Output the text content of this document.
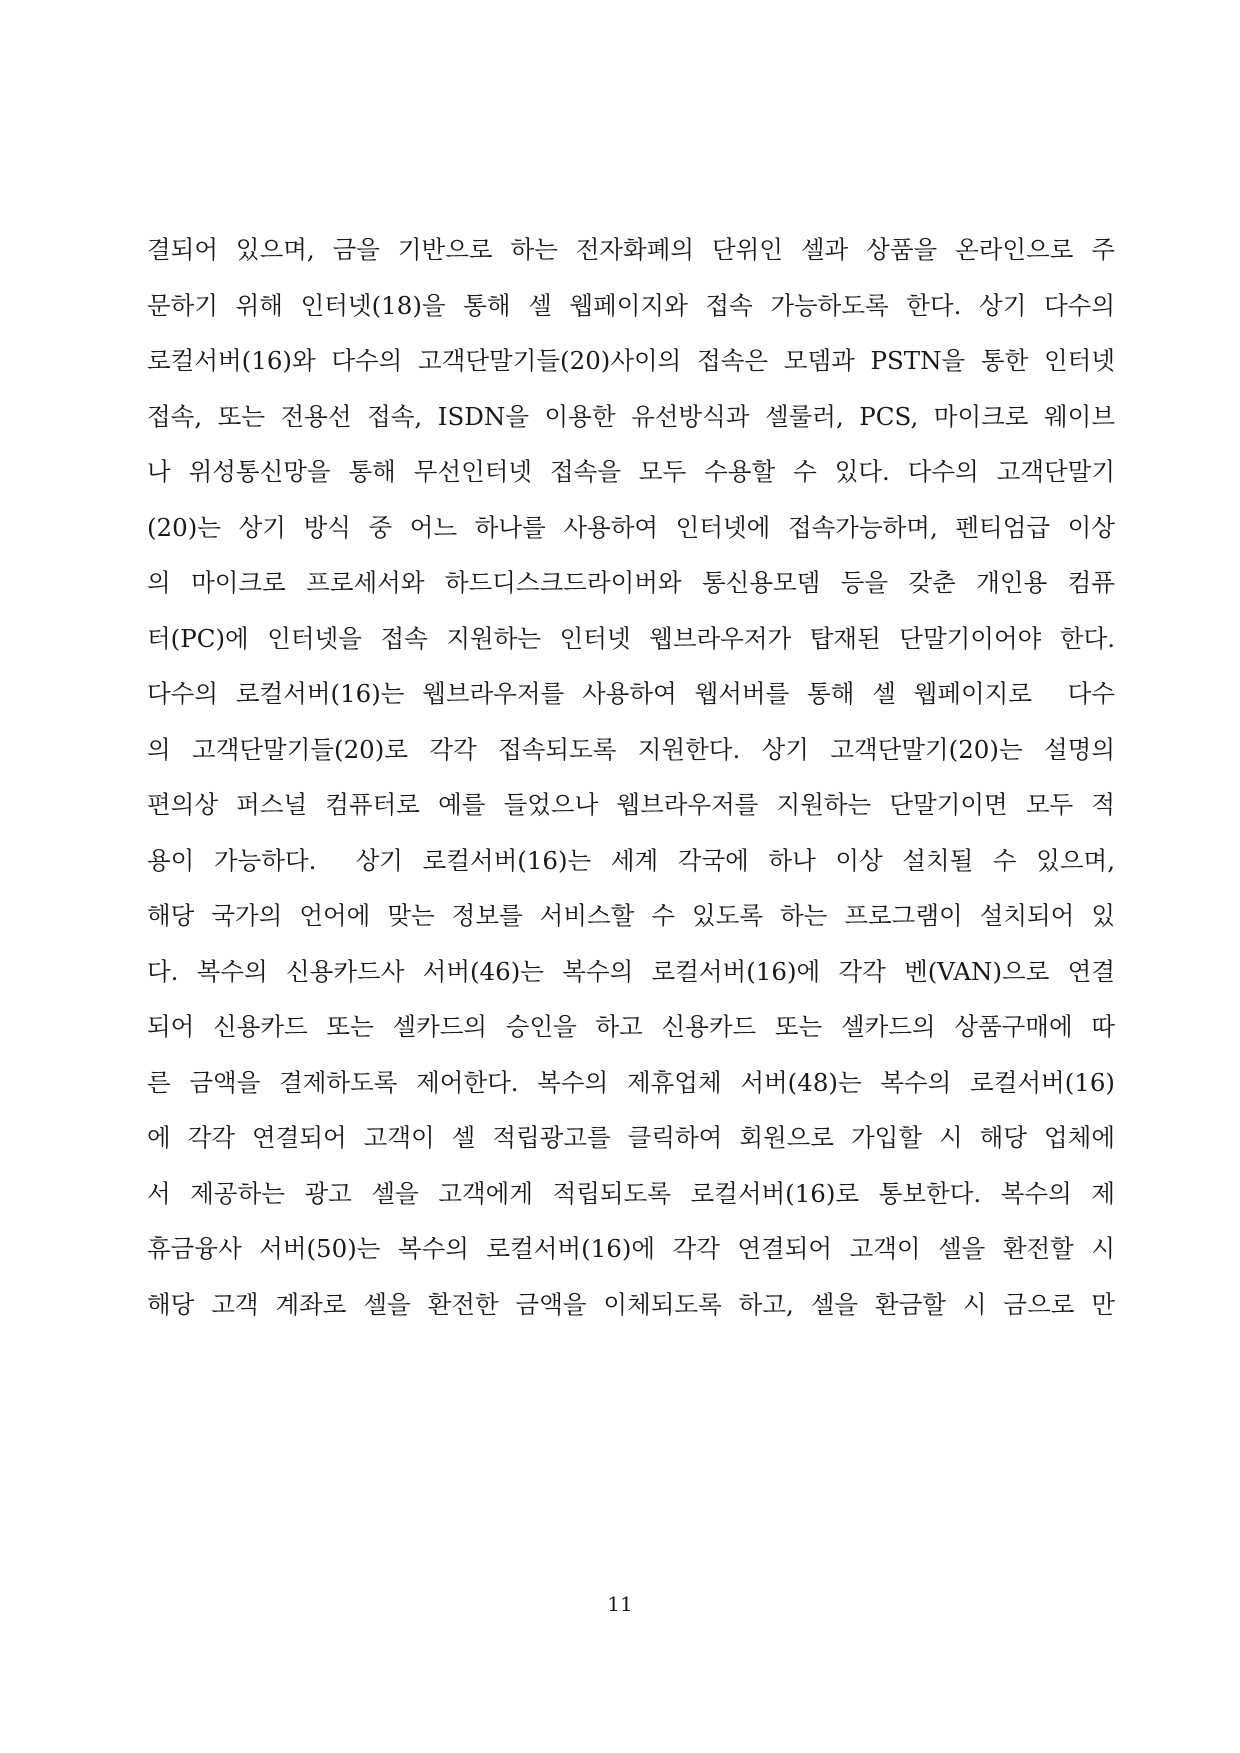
결되어 있으며, 금을 기반으로 하는 전자화폐의 단위인 셀과 상품을 온라인으로 주
문하기 위해 인터넷(18)을 통해 셀 웹페이지와 접속 가능하도록 한다. 상기 다수의
로컬서버(16)와 다수의 고객단말기들(20)사이의 접속은 모뎀과 PSTN을 통한 인터넷
접속, 또는 전용선 접속, ISDN을 이용한 유선방식과 셀룰러, PCS, 마이크로 웨이브
나 위성통신망을 통해 무선인터넷 접속을 모두 수용할 수 있다. 다수의 고객단말기
(20)는 상기 방식 중 어느 하나를 사용하여 인터넷에 접속가능하며, 펜티엄급 이상
의 마이크로 프로세서와 하드디스크드라이버와 통신용모뎀 등을 갖춘 개인용 컴퓨
터(PC)에 인터넷을 접속 지원하는 인터넷 웹브라우저가 탑재된 단말기이어야 한다.
다수의 로컬서버(16)는 웹브라우저를 사용하여 웹서버를 통해 셀 웹페이지로  다수
의 고객단말기들(20)로 각각 접속되도록 지원한다. 상기 고객단말기(20)는 설명의
편의상 퍼스널 컴퓨터로 예를 들었으나 웹브라우저를 지원하는 단말기이면 모두 적
용이 가능하다.  상기 로컬서버(16)는 세계 각국에 하나 이상 설치될 수 있으며,
해당 국가의 언어에 맞는 정보를 서비스할 수 있도록 하는 프로그램이 설치되어 있
다. 복수의 신용카드사 서버(46)는 복수의 로컬서버(16)에 각각 벤(VAN)으로 연결
되어 신용카드 또는 셀카드의 승인을 하고 신용카드 또는 셀카드의 상품구매에 따
른 금액을 결제하도록 제어한다. 복수의 제휴업체 서버(48)는 복수의 로컬서버(16)
에 각각 연결되어 고객이 셀 적립광고를 클릭하여 회원으로 가입할 시 해당 업체에
서 제공하는 광고 셀을 고객에게 적립되도록 로컬서버(16)로 통보한다. 복수의 제
휴금융사 서버(50)는 복수의 로컬서버(16)에 각각 연결되어 고객이 셀을 환전할 시
해당 고객 계좌로 셀을 환전한 금액을 이체되도록 하고, 셀을 환금할 시 금으로 만
11
